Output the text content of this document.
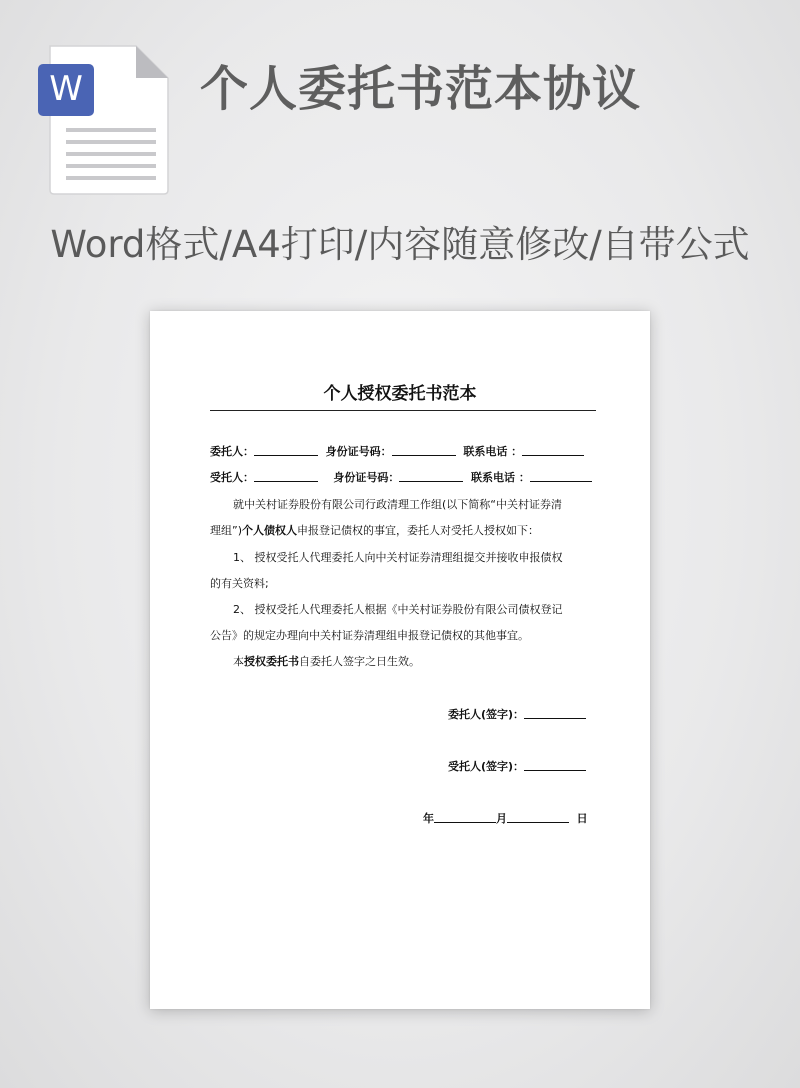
W 个人委托书范本协议
Word格式/A4打印/内容随意修改/自带公式
个人授权委托书范本
委托人：	身份证号码：	联系电话 ：
受托人：	身份证号码：	联系电话 ：
就中关村证券股份有限公司行政清理工作组(以下简称“中关村证券清
理组”)个人债权人申报登记债权的事宜，委托人对受托人授权如下：
1、 授权受托人代理委托人向中关村证券清理组提交并接收申报债权
的有关资料;
2、 授权受托人代理委托人根据《中关村证券股份有限公司债权登记
公告》的规定办理向中关村证券清理组申报登记债权的其他事宜。
本授权委托书自委托人签字之日生效。
委托人(签字)：
受托人(签字)：
年	月	日
